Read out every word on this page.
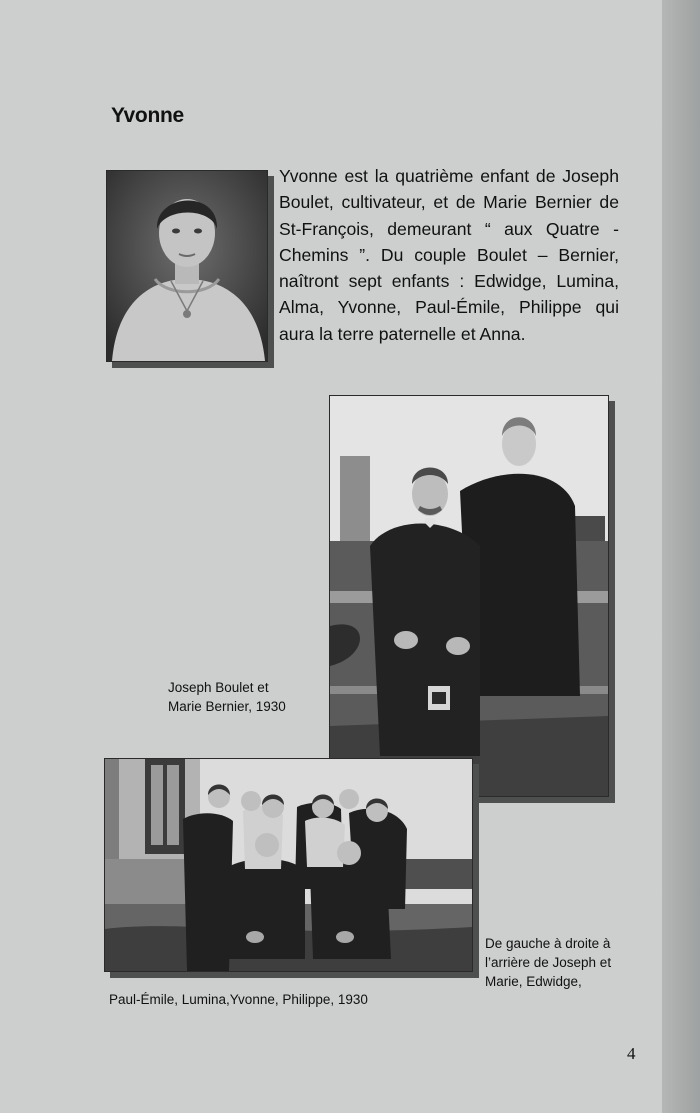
Yvonne

Yvonne est la quatrième enfant de Joseph Boulet, cultivateur, et de Marie Bernier de St-François, demeurant “ aux Quatre - Chemins ”. Du couple Boulet – Bernier, naîtront sept enfants : Edwidge, Lumina, Alma, Yvonne, Paul-Émile, Philippe qui aura la terre paternelle et Anna.

Joseph Boulet et
Marie Bernier, 1930
De gauche à droite à
l’arrière de Joseph et
Marie, Edwidge,
Paul-Émile, Lumina,Yvonne, Philippe, 1930
4
